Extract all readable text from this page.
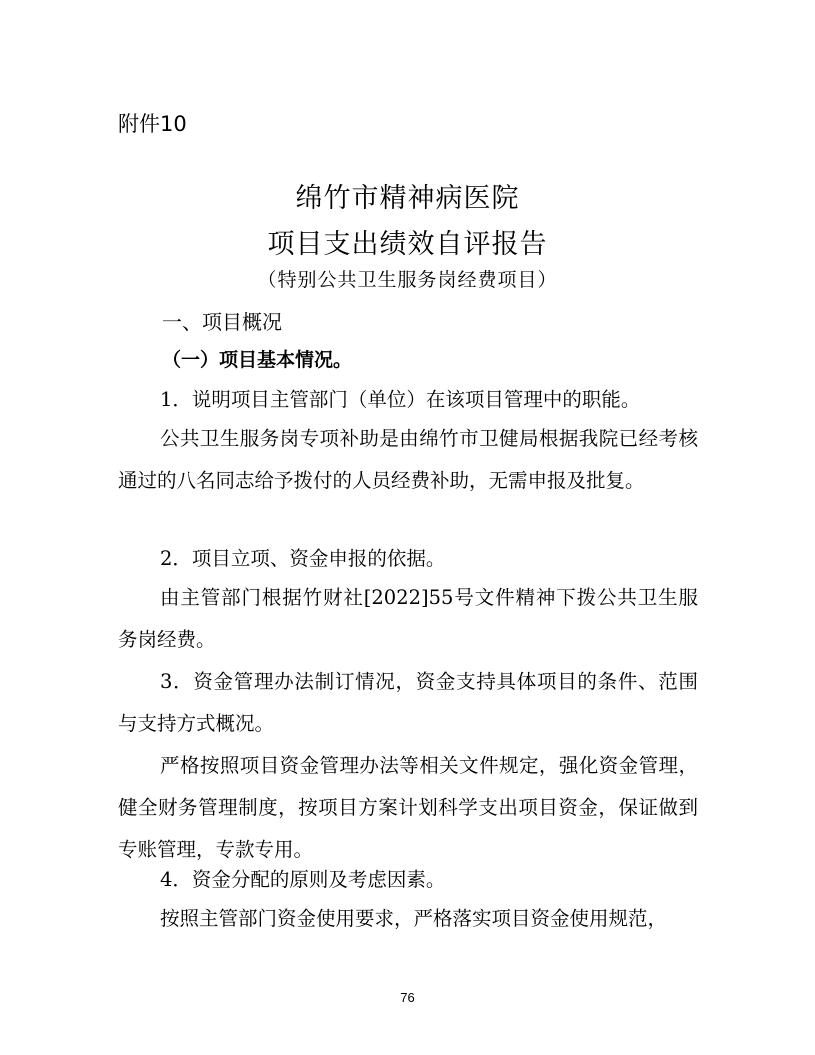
附件10
绵竹市精神病医院
项目支出绩效自评报告
（特别公共卫生服务岗经费项目）
一、项目概况
（一）项目基本情况。
1．说明项目主管部门（单位）在该项目管理中的职能。
公共卫生服务岗专项补助是由绵竹市卫健局根据我院已经考核通过的八名同志给予拨付的人员经费补助，无需申报及批复。
2．项目立项、资金申报的依据。
由主管部门根据竹财社[2022]55号文件精神下拨公共卫生服务岗经费。
3．资金管理办法制订情况，资金支持具体项目的条件、范围与支持方式概况。
严格按照项目资金管理办法等相关文件规定，强化资金管理，健全财务管理制度，按项目方案计划科学支出项目资金，保证做到专账管理，专款专用。
4．资金分配的原则及考虑因素。
按照主管部门资金使用要求，严格落实项目资金使用规范，
76
